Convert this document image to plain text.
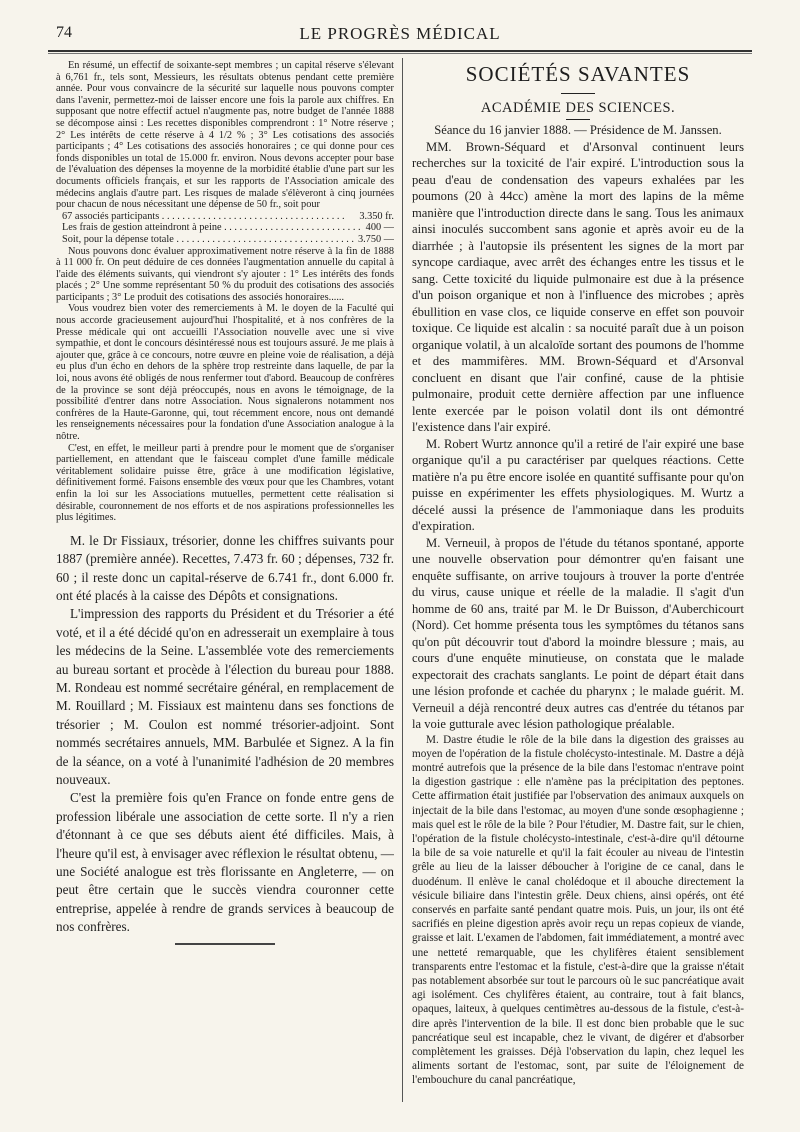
74	LE PROGRÈS MÉDICAL

En résumé, un effectif de soixante-sept membres ; un capital réserve s'élevant à 6,761 fr., tels sont, Messieurs, les résultats obtenus pendant cette première année. Pour vous convaincre de la sécurité sur laquelle nous pouvons compter dans l'avenir, permettez-moi de laisser encore une fois la parole aux chiffres. En supposant que notre effectif actuel n'augmente pas, notre budget de l'année 1888 se décompose ainsi : Les recettes disponibles comprendront : 1° Notre réserve ; 2° Les intérêts de cette réserve à 4 1/2 % ; 3° Les cotisations des associés participants ; 4° Les cotisations des associés honoraires ; ce qui donne pour ces fonds disponibles un total de 15.000 fr. environ. Nous devons accepter pour base de l'évaluation des dépenses la moyenne de la morbidité établie d'une part sur les documents officiels français, et sur les rapports de l'Association amicale des médecins anglais d'autre part. Les risques de malade s'élèveront à cinq journées pour chacun de nous nécessitant une dépense de 50 fr., soit pour

67 associés participants . . .	3.350 fr.
Les frais de gestion atteindront à peine . . .	400 —
Soit, pour la dépense totale . . .	3.750 —

Nous pouvons donc évaluer approximativement notre réserve à la fin de 1888 à 11 000 fr. On peut déduire de ces données l'augmentation annuelle du capital à l'aide des éléments suivants, qui viendront s'y ajouter : 1° Les intérêts des fonds placés ; 2° Une somme représentant 50 % du produit des cotisations des associés participants ; 3° Le produit des cotisations des associés honoraires......

Vous voudrez bien voter des remerciements à M. le doyen de la Faculté qui nous accorde gracieusement aujourd'hui l'hospitalité, et à nos confrères de la Presse médicale qui ont accueilli l'Association nouvelle avec une si vive sympathie, et dont le concours désintéressé nous est toujours assuré. Je me plais à ajouter que, grâce à ce concours, notre œuvre en pleine voie de réalisation, a déjà eu plus d'un écho en dehors de la sphère trop restreinte dans laquelle, de par la loi, nous avons été obligés de nous renfermer tout d'abord. Beaucoup de confrères de la province se sont déjà préoccupés, nous en avons le témoignage, de la possibilité d'entrer dans notre Association. Nous signalerons notamment nos confrères de la Haute-Garonne, qui, tout récemment encore, nous ont demandé les renseignements nécessaires pour la fondation d'une Association analogue à la nôtre.

C'est, en effet, le meilleur parti à prendre pour le moment que de s'organiser partiellement, en attendant que le faisceau complet d'une famille médicale véritablement solidaire puisse être, grâce à une modification législative, définitivement formé. Faisons ensemble des vœux pour que les Chambres, votant enfin la loi sur les Associations mutuelles, permettent cette réalisation si désirable, couronnement de nos efforts et de nos aspirations professionnelles les plus légitimes.

M. le Dr Fissiaux, trésorier, donne les chiffres suivants pour 1887 (première année). Recettes, 7.473 fr. 60 ; dépenses, 732 fr. 60 ; il reste donc un capital-réserve de 6.741 fr., dont 6.000 fr. ont été placés à la caisse des Dépôts et consignations.

L'impression des rapports du Président et du Trésorier a été voté, et il a été décidé qu'on en adresserait un exemplaire à tous les médecins de la Seine. L'assemblée vote des remerciements au bureau sortant et procède à l'élection du bureau pour 1888. M. Rondeau est nommé secrétaire général, en remplacement de M. Rouillard ; M. Fissiaux est maintenu dans ses fonctions de trésorier ; M. Coulon est nommé trésorier-adjoint. Sont nommés secrétaires annuels, MM. Barbulée et Signez. A la fin de la séance, on a voté à l'unanimité l'adhésion de 20 membres nouveaux.

C'est la première fois qu'en France on fonde entre gens de profession libérale une association de cette sorte. Il n'y a rien d'étonnant à ce que ses débuts aient été difficiles. Mais, à l'heure qu'il est, à envisager avec réflexion le résultat obtenu, — une Société analogue est très florissante en Angleterre, — on peut être certain que le succès viendra couronner cette entreprise, appelée à rendre de grands services à beaucoup de nos confrères.

SOCIÉTÉS SAVANTES
ACADÉMIE DES SCIENCES.

Séance du 16 janvier 1888. — Présidence de M. Janssen.

MM. Brown-Séquard et d'Arsonval continuent leurs recherches sur la toxicité de l'air expiré. L'introduction sous la peau d'eau de condensation des vapeurs exhalées par les poumons (20 à 44cc) amène la mort des lapins de la même manière que l'introduction directe dans le sang. Tous les animaux ainsi inoculés succombent sans agonie et après avoir eu de la diarrhée ; à l'autopsie ils présentent les signes de la mort par syncope cardiaque, avec arrêt des échanges entre les tissus et le sang. Cette toxicité du liquide pulmonaire est due à la présence d'un poison organique et non à l'influence des microbes ; après ébullition en vase clos, ce liquide conserve en effet son pouvoir toxique. Ce liquide est alcalin : sa nocuité paraît due à un poison organique volatil, à un alcaloïde sortant des poumons de l'homme et des mammifères. MM. Brown-Séquard et d'Arsonval concluent en disant que l'air confiné, cause de la phtisie pulmonaire, produit cette dernière affection par une influence lente exercée par le poison volatil dont ils ont démontré l'existence dans l'air expiré.

M. Robert Wurtz annonce qu'il a retiré de l'air expiré une base organique qu'il a pu caractériser par quelques réactions. Cette matière n'a pu être encore isolée en quantité suffisante pour qu'on puisse en expérimenter les effets physiologiques. M. Wurtz a décelé aussi la présence de l'ammoniaque dans les produits d'expiration.

M. Verneuil, à propos de l'étude du tétanos spontané, apporte une nouvelle observation pour démontrer qu'en faisant une enquête suffisante, on arrive toujours à trouver la porte d'entrée du virus, cause unique et réelle de la maladie. Il s'agit d'un homme de 60 ans, traité par M. le Dr Buisson, d'Auberchicourt (Nord). Cet homme présenta tous les symptômes du tétanos sans qu'on pût découvrir tout d'abord la moindre blessure ; mais, au cours d'une enquête minutieuse, on constata que le malade expectorait des crachats sanglants. Le point de départ était dans une lésion profonde et cachée du pharynx ; le malade guérit. M. Verneuil a déjà rencontré deux autres cas d'entrée du tétanos par la voie gutturale avec lésion pathologique préalable.

M. Dastre étudie le rôle de la bile dans la digestion des graisses au moyen de l'opération de la fistule cholécysto-intestinale. M. Dastre a déjà montré autrefois que la présence de la bile dans l'estomac n'entrave point la digestion gastrique : elle n'amène pas la précipitation des peptones. Cette affirmation était justifiée par l'observation des animaux auxquels on injectait de la bile dans l'estomac, au moyen d'une sonde œsophagienne ; mais quel est le rôle de la bile ? Pour l'étudier, M. Dastre fait, sur le chien, l'opération de la fistule cholécysto-intestinale, c'est-à-dire qu'il détourne la bile de sa voie naturelle et qu'il la fait écouler au niveau de l'intestin grêle au lieu de la laisser déboucher à l'origine de ce canal, dans le duodénum. Il enlève le canal cholédoque et il abouche directement la vésicule biliaire dans l'intestin grêle. Deux chiens, ainsi opérés, ont été conservés en parfaite santé pendant quatre mois. Puis, un jour, ils ont été sacrifiés en pleine digestion après avoir reçu un repas copieux de viande, graisse et lait. L'examen de l'abdomen, fait immédiatement, a montré avec une netteté remarquable, que les chylifères étaient sensiblement transparents entre l'estomac et la fistule, c'est-à-dire que la graisse n'était pas notablement absorbée sur tout le parcours où le suc pancréatique avait agi isolément. Ces chylifères étaient, au contraire, tout à fait blancs, opaques, laiteux, à quelques centimètres au-dessous de la fistule, c'est-à-dire après l'intervention de la bile. Il est donc bien probable que le suc pancréatique seul est incapable, chez le vivant, de digérer et d'absorber complètement les graisses. Déjà l'observation du lapin, chez lequel les aliments sortant de l'estomac, sont, par suite de l'éloignement de l'embouchure du canal pancréatique,
